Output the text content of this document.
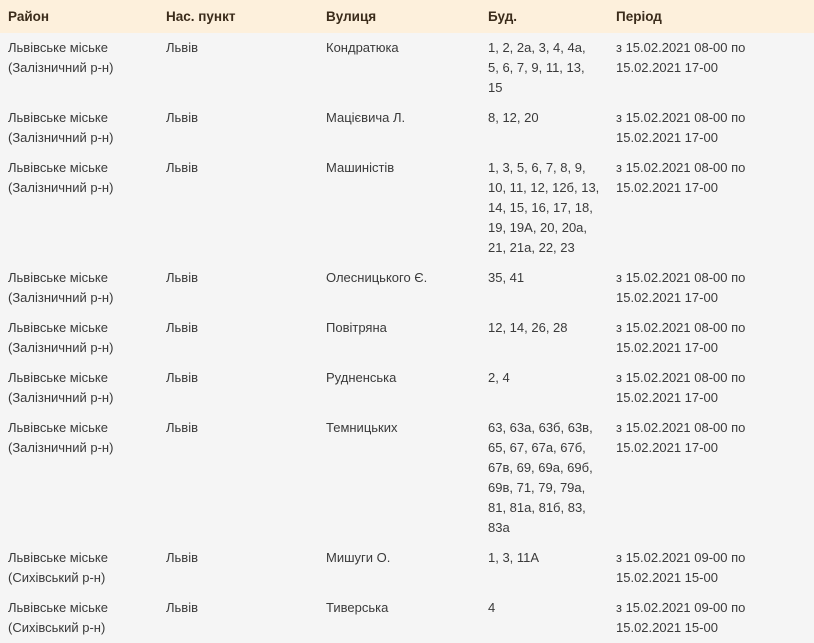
Район	Нас. пункт	Вулиця	Буд.	Період
Львівське міське (Залізничний р-н)	Львів	Кондратюка	1, 2, 2а, 3, 4, 4а, 5, 6, 7, 9, 11, 13, 15	з 15.02.2021 08-00 по 15.02.2021 17-00
Львівське міське (Залізничний р-н)	Львів	Мацієвича Л.	8, 12, 20	з 15.02.2021 08-00 по 15.02.2021 17-00
Львівське міське (Залізничний р-н)	Львів	Машиністів	1, 3, 5, 6, 7, 8, 9, 10, 11, 12, 12б, 13, 14, 15, 16, 17, 18, 19, 19А, 20, 20а, 21, 21а, 22, 23	з 15.02.2021 08-00 по 15.02.2021 17-00
Львівське міське (Залізничний р-н)	Львів	Олесницького Є.	35, 41	з 15.02.2021 08-00 по 15.02.2021 17-00
Львівське міське (Залізничний р-н)	Львів	Повітряна	12, 14, 26, 28	з 15.02.2021 08-00 по 15.02.2021 17-00
Львівське міське (Залізничний р-н)	Львів	Рудненська	2, 4	з 15.02.2021 08-00 по 15.02.2021 17-00
Львівське міське (Залізничний р-н)	Львів	Темницьких	63, 63а, 63б, 63в, 65, 67, 67а, 67б, 67в, 69, 69а, 69б, 69в, 71, 79, 79а, 81, 81а, 81б, 83, 83а	з 15.02.2021 08-00 по 15.02.2021 17-00
Львівське міське (Сихівський р-н)	Львів	Мишуги О.	1, 3, 11А	з 15.02.2021 09-00 по 15.02.2021 15-00
Львівське міське (Сихівський р-н)	Львів	Тиверська	4	з 15.02.2021 09-00 по 15.02.2021 15-00
